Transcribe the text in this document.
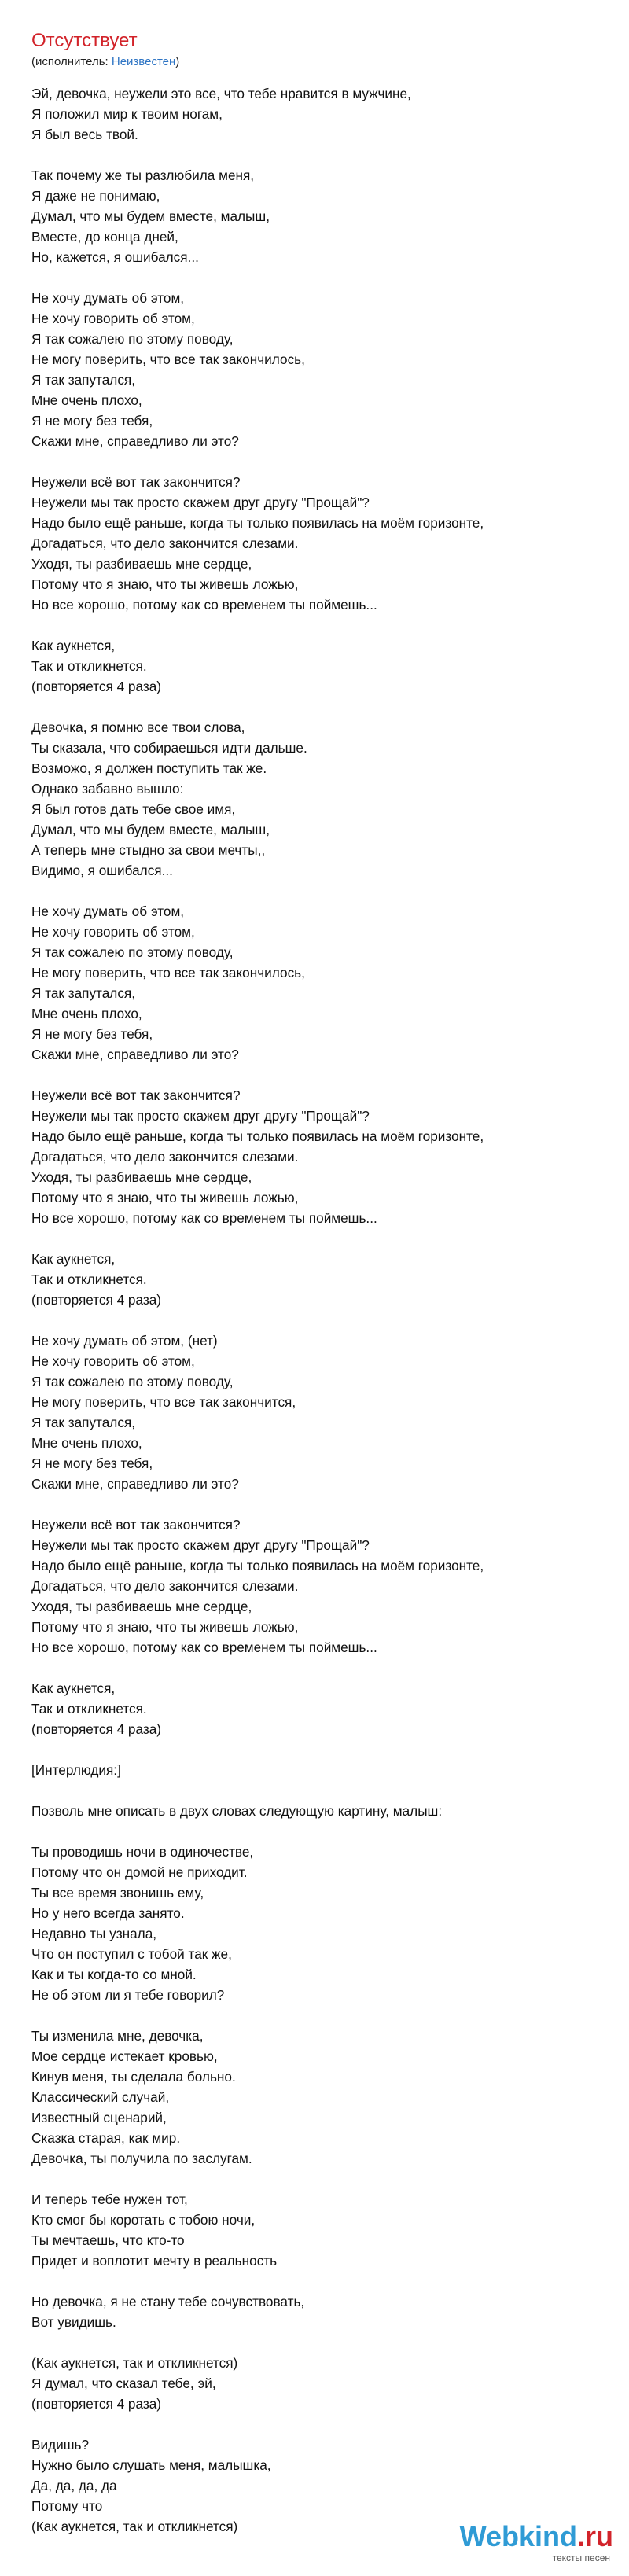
Отсутствует
(исполнитель: Неизвестен)
Эй, девочка, неужели это все, что тебе нравится в мужчине,
Я положил мир к твоим ногам,
Я был весь твой.
Так почему же ты разлюбила меня,
Я даже не понимаю,
Думал, что мы будем вместе, малыш,
Вместе, до конца дней,
Но, кажется, я ошибался...
Не хочу думать об этом,
Не хочу говорить об этом,
Я так сожалею по этому поводу,
Не могу поверить, что все так закончилось,
Я так запутался,
Мне очень плохо,
Я не могу без тебя,
Скажи мне, справедливо ли это?
Неужели всё вот так закончится?
Неужели мы так просто скажем друг другу "Прощай"?
Надо было ещё раньше, когда ты только появилась на моём горизонте,
Догадаться, что дело закончится слезами.
Уходя, ты разбиваешь мне сердце,
Потому что я знаю, что ты живешь ложью,
Но все хорошо, потому как со временем ты поймешь...
Как аукнется,
Так и откликнется.
(повторяется 4 раза)
Девочка, я помню все твои слова,
Ты сказала, что собираешься идти дальше.
Возможо, я должен поступить так же.
Однако забавно вышло:
Я был готов дать тебе свое имя,
Думал, что мы будем вместе, малыш,
А теперь мне стыдно за свои мечты,,
Видимо, я ошибался...
Не хочу думать об этом,
Не хочу говорить об этом,
Я так сожалею по этому поводу,
Не могу поверить, что все так закончилось,
Я так запутался,
Мне очень плохо,
Я не могу без тебя,
Скажи мне, справедливо ли это?
Неужели всё вот так закончится?
Неужели мы так просто скажем друг другу "Прощай"?
Надо было ещё раньше, когда ты только появилась на моём горизонте,
Догадаться, что дело закончится слезами.
Уходя, ты разбиваешь мне сердце,
Потому что я знаю, что ты живешь ложью,
Но все хорошо, потому как со временем ты поймешь...
Как аукнется,
Так и откликнется.
(повторяется 4 раза)
Не хочу думать об этом, (нет)
Не хочу говорить об этом,
Я так сожалею по этому поводу,
Не могу поверить, что все так закончится,
Я так запутался,
Мне очень плохо,
Я не могу без тебя,
Скажи мне, справедливо ли это?
Неужели всё вот так закончится?
Неужели мы так просто скажем друг другу "Прощай"?
Надо было ещё раньше, когда ты только появилась на моём горизонте,
Догадаться, что дело закончится слезами.
Уходя, ты разбиваешь мне сердце,
Потому что я знаю, что ты живешь ложью,
Но все хорошо, потому как со временем ты поймешь...
Как аукнется,
Так и откликнется.
(повторяется 4 раза)
[Интерлюдия:]
Позволь мне описать в двух словах следующую картину, малыш:
Ты проводишь ночи в одиночестве,
Потому что он домой не приходит.
Ты все время звонишь ему,
Но у него всегда занято.
Недавно ты узнала,
Что он поступил с тобой так же,
Как и ты когда-то со мной.
Не об этом ли я тебе говорил?
Ты изменила мне, девочка,
Мое сердце истекает кровью,
Кинув меня, ты сделала больно.
Классический случай,
Известный сценарий,
Сказка старая, как мир.
Девочка, ты получила по заслугам.
И теперь тебе нужен тот,
Кто смог бы коротать с тобою ночи,
Ты мечтаешь, что кто-то
Придет и воплотит мечту в реальность
Но девочка, я не стану тебе сочувствовать,
Вот увидишь.
(Как аукнется, так и откликнется)
Я думал, что сказал тебе, эй,
(повторяется 4 раза)
Видишь?
Нужно было слушать меня, малышка,
Да, да, да, да
Потому что
(Как аукнется, так и откликнется)	Webkind.ru
тексты песен
